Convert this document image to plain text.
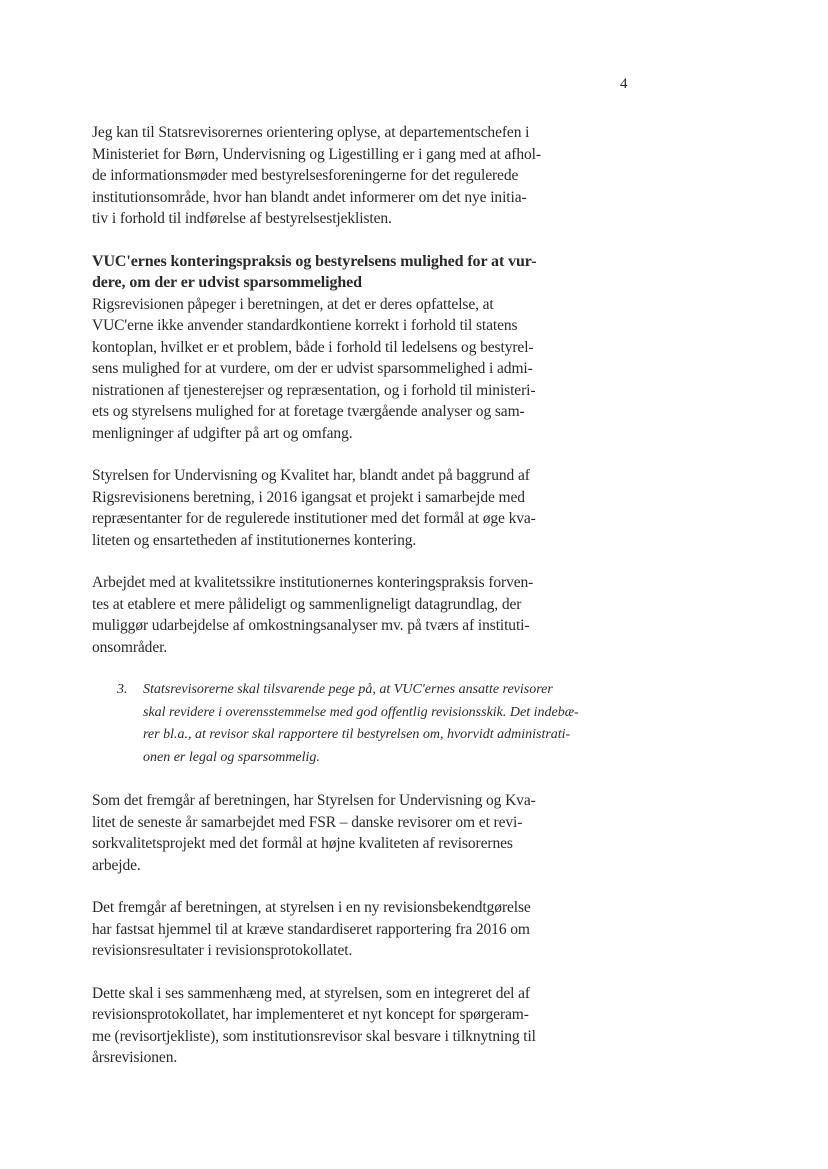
4
Jeg kan til Statsrevisorernes orientering oplyse, at departementschefen i
Ministeriet for Børn, Undervisning og Ligestilling er i gang med at afhol-
de informationsmøder med bestyrelsesforeningerne for det regulerede
institutionsområde, hvor han blandt andet informerer om det nye initia-
tiv i forhold til indførelse af bestyrelsestjeklisten.
VUC'ernes konteringspraksis og bestyrelsens mulighed for at vur-
dere, om der er udvist sparsommelighed
Rigsrevisionen påpeger i beretningen, at det er deres opfattelse, at
VUC'erne ikke anvender standardkontiene korrekt i forhold til statens
kontoplan, hvilket er et problem, både i forhold til ledelsens og bestyrel-
sens mulighed for at vurdere, om der er udvist sparsommelighed i admi-
nistrationen af tjenesterejser og repræsentation, og i forhold til ministeri-
ets og styrelsens mulighed for at foretage tværgående analyser og sam-
menligninger af udgifter på art og omfang.
Styrelsen for Undervisning og Kvalitet har, blandt andet på baggrund af
Rigsrevisionens beretning, i 2016 igangsat et projekt i samarbejde med
repræsentanter for de regulerede institutioner med det formål at øge kva-
liteten og ensartetheden af institutionernes kontering.
Arbejdet med at kvalitetssikre institutionernes konteringspraksis forven-
tes at etablere et mere pålideligt og sammenligneligt datagrundlag, der
muliggør udarbejdelse af omkostningsanalyser mv. på tværs af instituti-
onsområder.
3. Statsrevisorerne skal tilsvarende pege på, at VUC'ernes ansatte revisorer
skal revidere i overensstemmelse med god offentlig revisionsskik. Det indebæ-
rer bl.a., at revisor skal rapportere til bestyrelsen om, hvorvidt administrati-
onen er legal og sparsommelig.
Som det fremgår af beretningen, har Styrelsen for Undervisning og Kva-
litet de seneste år samarbejdet med FSR – danske revisorer om et revi-
sorkvalitetsprojekt med det formål at højne kvaliteten af revisorernes
arbejde.
Det fremgår af beretningen, at styrelsen i en ny revisionsbekendtgørelse
har fastsat hjemmel til at kræve standardiseret rapportering fra 2016 om
revisionsresultater i revisionsprotokollatet.
Dette skal i ses sammenhæng med, at styrelsen, som en integreret del af
revisionsprotokollatet, har implementeret et nyt koncept for spørgeram-
me (revisortjekliste), som institutionsrevisor skal besvare i tilknytning til
årsrevisionen.
